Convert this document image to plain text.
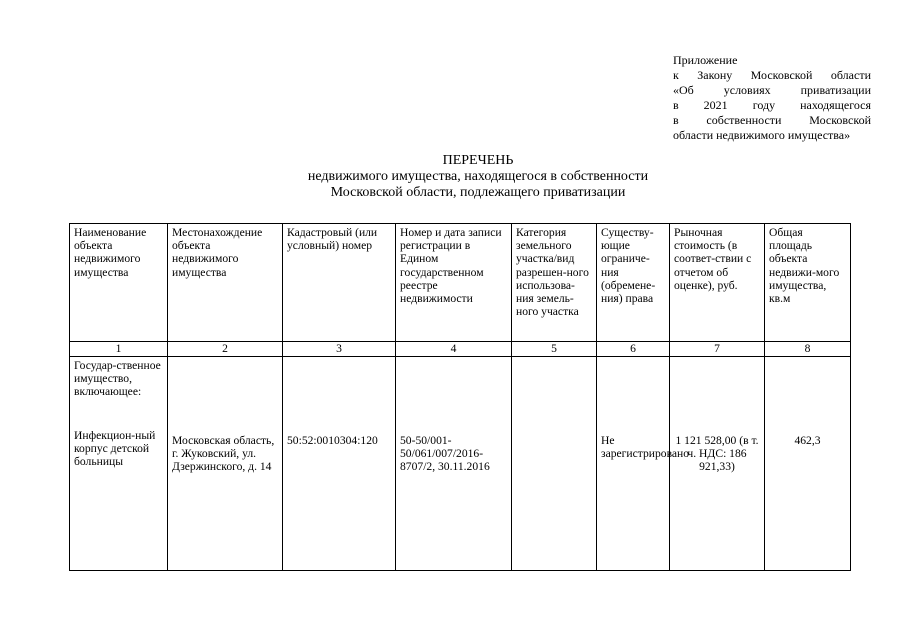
Приложение
к Закону Московской области
«Об условиях приватизации
в 2021 году находящегося
в собственности Московской
области недвижимого имущества»
ПЕРЕЧЕНЬ
недвижимого имущества, находящегося в собственности
Московской области, подлежащего приватизации
Наименование объекта недвижимого имущества	Местонахождение объекта недвижимого имущества	Кадастровый (или условный) номер	Номер и дата записи регистрации в Едином государственном реестре недвижимости	Категория земельного участка/вид разрешен-ного использова-ния земель-ного участка	Существу-ющие ограниче-ния (обремене-ния) права	Рыночная стоимость (в соответ-ствии с отчетом об оценке), руб.	Общая площадь объекта недвижи-мого имущества, кв.м
1	2	3	4	5	6	7	8

Государ-ственное имущество, включающее:
Инфекцион-ный корпус детской больницы	Московская область, г. Жуковский, ул. Дзержинского, д. 14	50:52:0010304:120	50-50/001-50/061/007/2016-8707/2, 30.11.2016		Не зарегистрировано	1 121 528,00 (в т. ч. НДС: 186 921,33)	462,3
